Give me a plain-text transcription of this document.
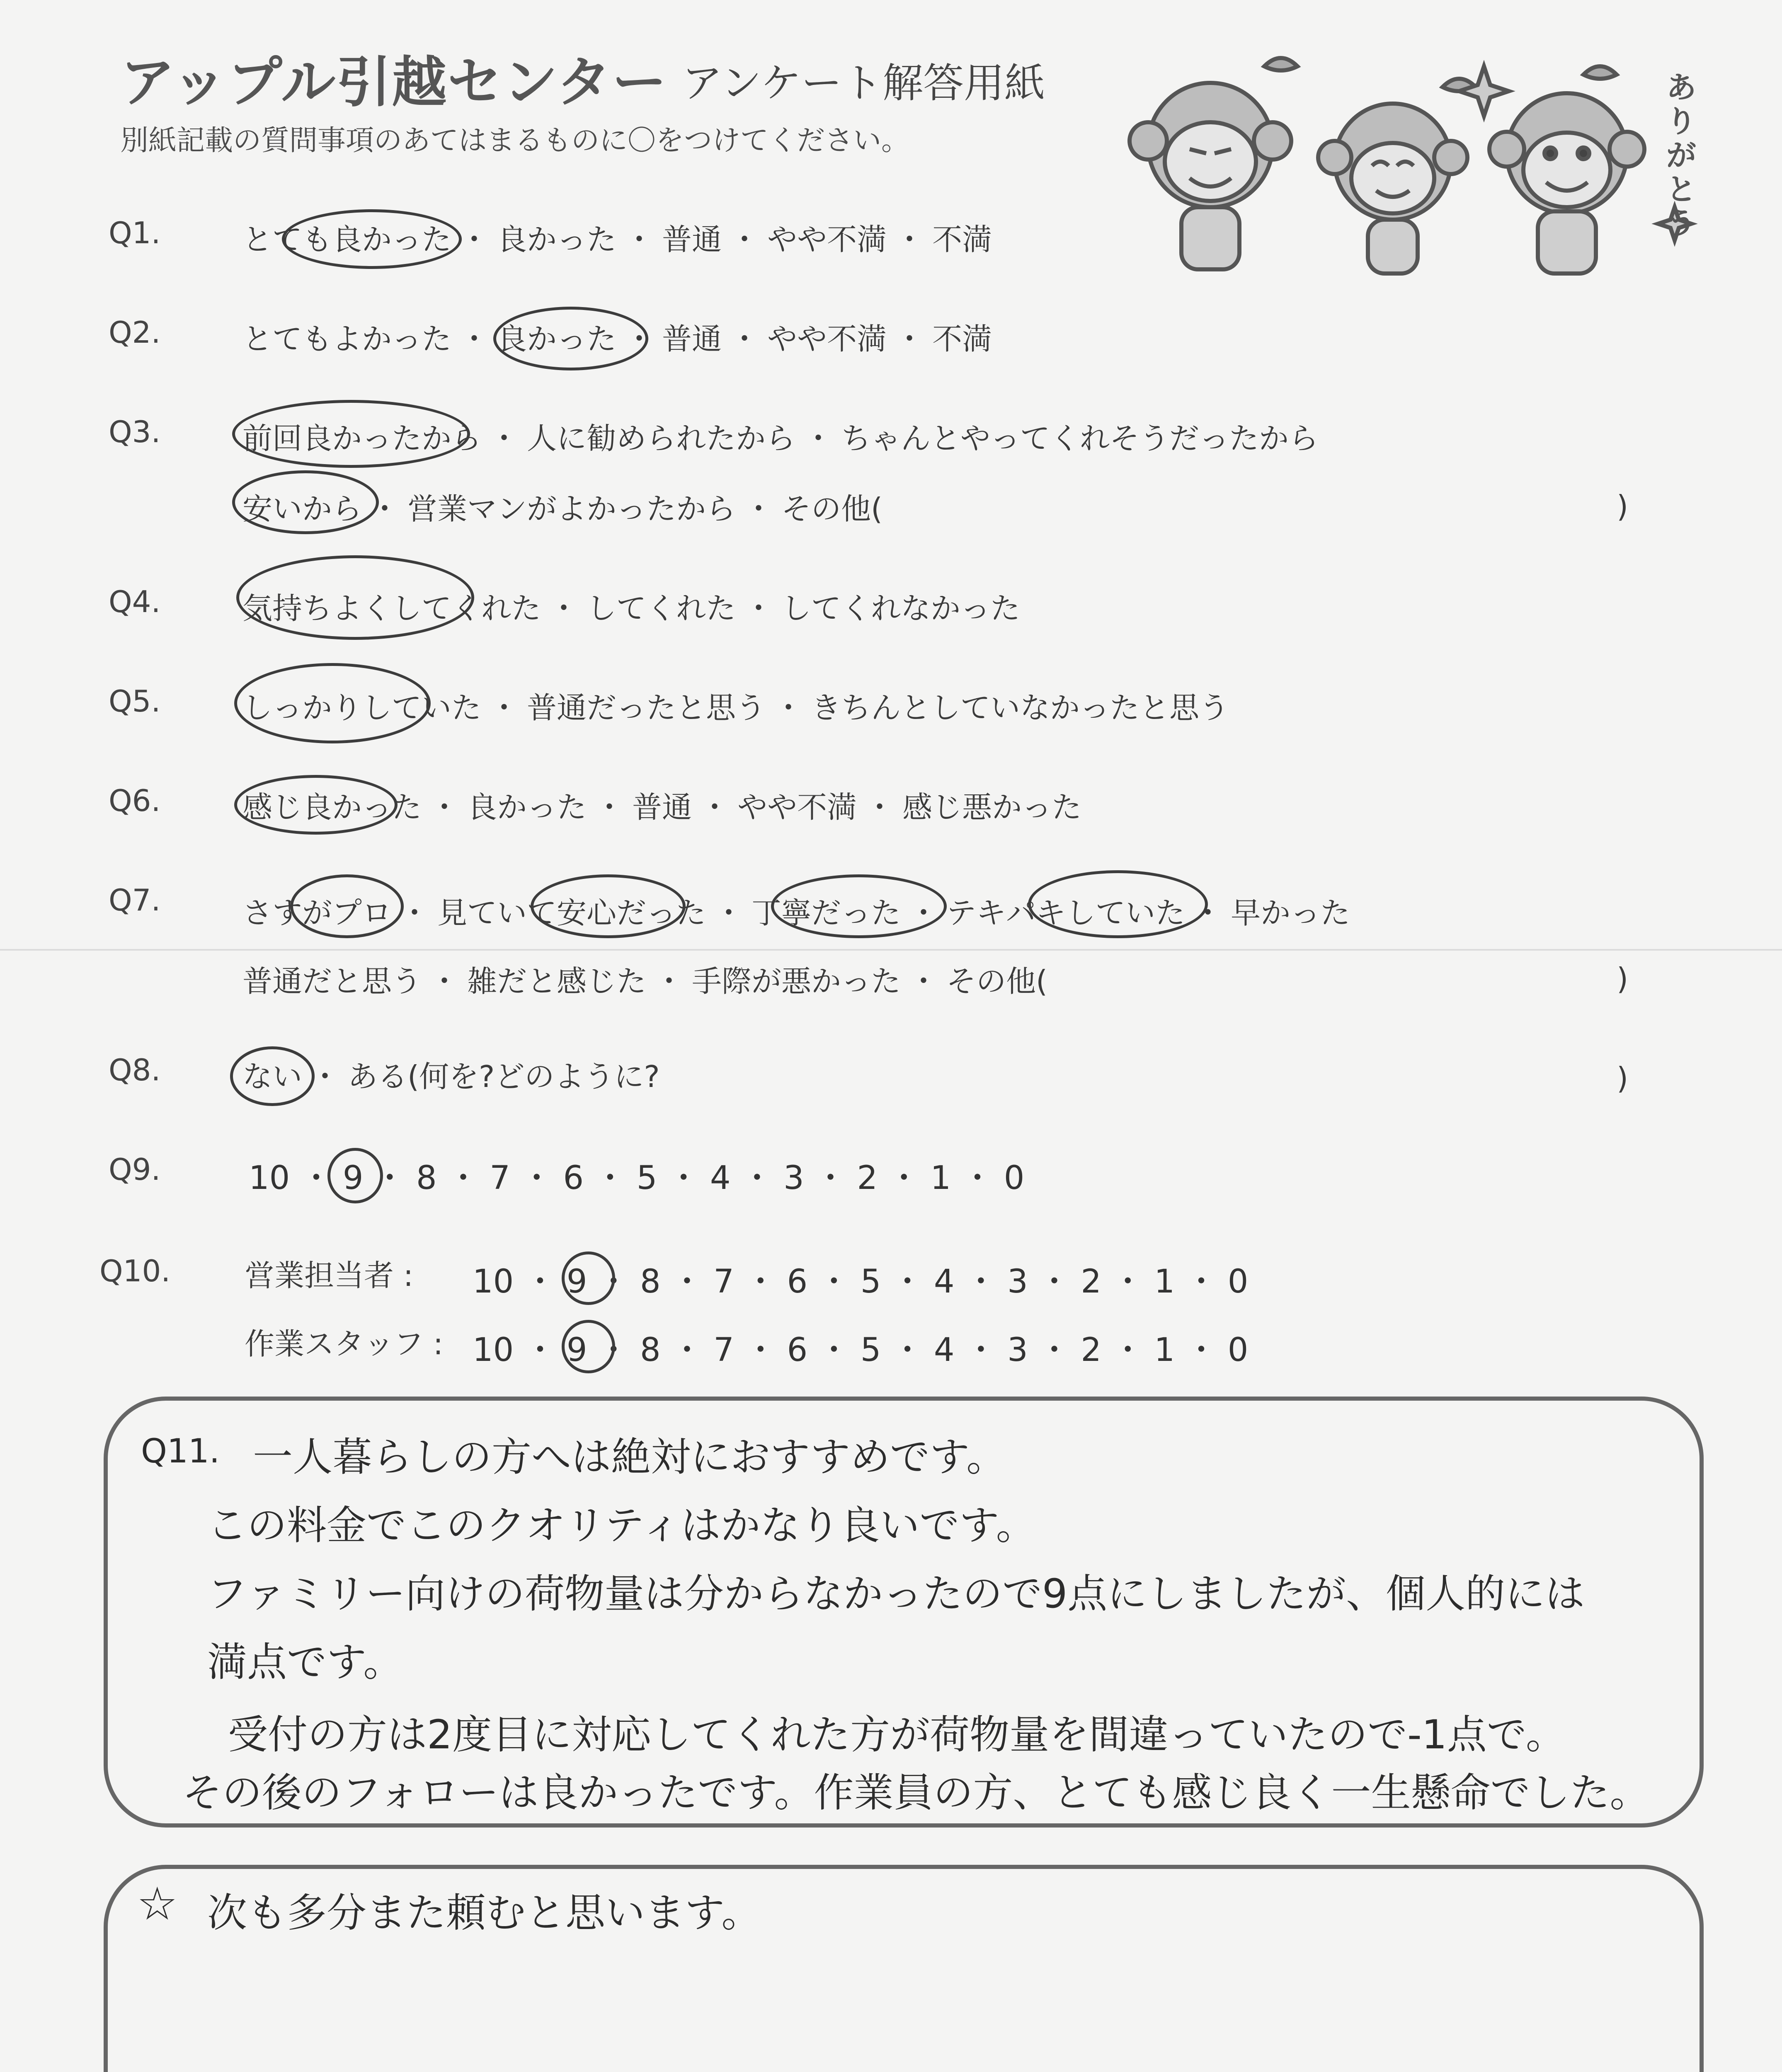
アップル引越センター アンケート解答用紙
別紙記載の質問事項のあてはまるものに〇をつけてください。
ありがとう
Q1.	とても良かった ・ 良かった ・ 普通 ・ やや不満 ・ 不満
Q2.	とてもよかった ・ 良かった ・ 普通 ・ やや不満 ・ 不満
Q3.	前回良かったから ・ 人に勧められたから ・ ちゃんとやってくれそうだったから
安いから ・ 営業マンがよかったから ・ その他(	)
Q4.	気持ちよくしてくれた ・ してくれた ・ してくれなかった
Q5.	しっかりしていた ・ 普通だったと思う ・ きちんとしていなかったと思う
Q6.	感じ良かった ・ 良かった ・ 普通 ・ やや不満 ・ 感じ悪かった
Q7.	さすがプロ ・ 見ていて安心だった ・ 丁寧だった ・ テキパキしていた ・ 早かった
普通だと思う ・ 雑だと感じた ・ 手際が悪かった ・ その他(	)
Q8.	ない ・ ある(何を?どのように?	)
Q9.	10 ・ 9 ・ 8 ・ 7 ・ 6 ・ 5 ・ 4 ・ 3 ・ 2 ・ 1 ・ 0
Q10. 営業担当者 : 10 ・ 9 ・ 8 ・ 7 ・ 6 ・ 5 ・ 4 ・ 3 ・ 2 ・ 1 ・ 0
作業スタッフ : 10 ・ 9 ・ 8 ・ 7 ・ 6 ・ 5 ・ 4 ・ 3 ・ 2 ・ 1 ・ 0
Q11. 一人暮らしの方へは絶対におすすめです。
この料金でこのクオリティはかなり良いです。
ファミリー向けの荷物量は分からなかったので9点にしましたが、個人的には
満点です。
受付の方は2度目に対応してくれた方が荷物量を間違っていたので-1点で。
その後のフォローは良かったです。作業員の方、とても感じ良く一生懸命でした。
☆ 次も多分また頼むと思います。
